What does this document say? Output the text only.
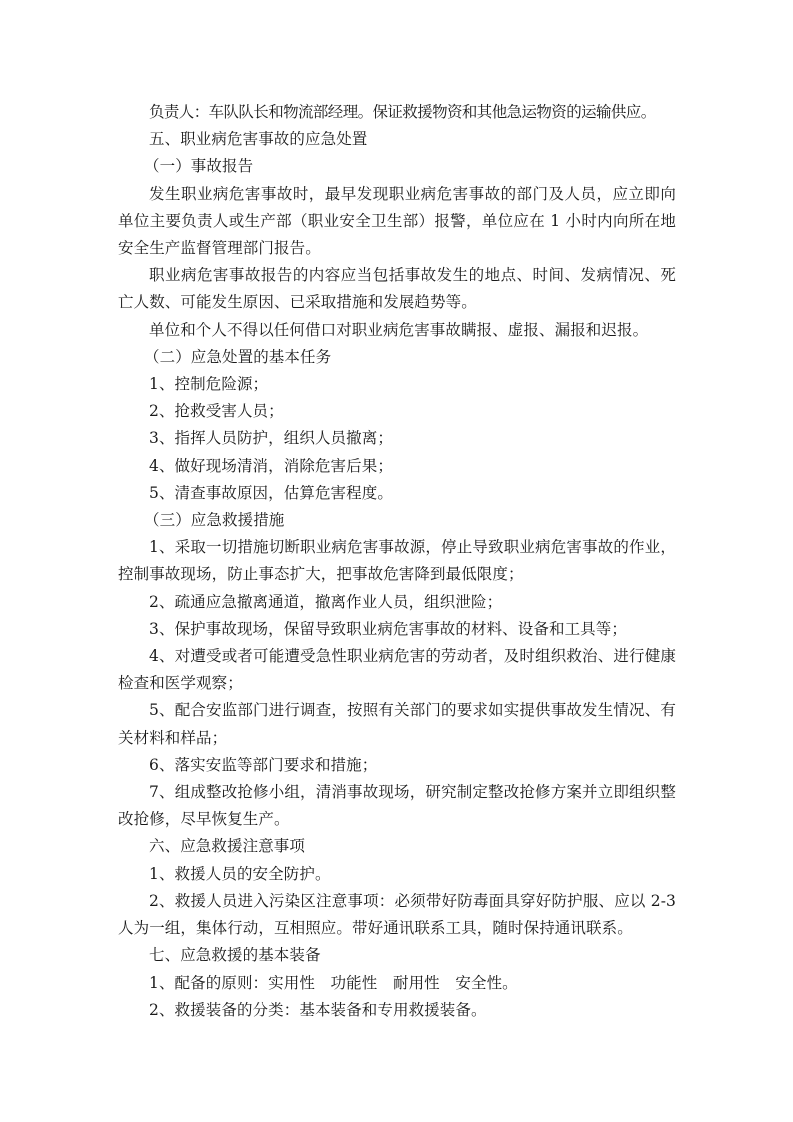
负责人：车队队长和物流部经理。保证救援物资和其他急运物资的运输供应。

五、职业病危害事故的应急处置

（一）事故报告

发生职业病危害事故时，最早发现职业病危害事故的部门及人员，应立即向单位主要负责人或生产部（职业安全卫生部）报警，单位应在 1 小时内向所在地安全生产监督管理部门报告。

职业病危害事故报告的内容应当包括事故发生的地点、时间、发病情况、死亡人数、可能发生原因、已采取措施和发展趋势等。

单位和个人不得以任何借口对职业病危害事故瞒报、虚报、漏报和迟报。

（二）应急处置的基本任务

1、控制危险源；

2、抢救受害人员；

3、指挥人员防护，组织人员撤离；

4、做好现场清消，消除危害后果；

5、清查事故原因，估算危害程度。

（三）应急救援措施

1、采取一切措施切断职业病危害事故源，停止导致职业病危害事故的作业，控制事故现场，防止事态扩大，把事故危害降到最低限度；

2、疏通应急撤离通道，撤离作业人员，组织泄险；

3、保护事故现场，保留导致职业病危害事故的材料、设备和工具等；

4、对遭受或者可能遭受急性职业病危害的劳动者，及时组织救治、进行健康检查和医学观察；

5、配合安监部门进行调查，按照有关部门的要求如实提供事故发生情况、有关材料和样品；

6、落实安监等部门要求和措施；

7、组成整改抢修小组，清消事故现场，研究制定整改抢修方案并立即组织整改抢修，尽早恢复生产。

六、应急救援注意事项

1、救援人员的安全防护。

2、救援人员进入污染区注意事项：必须带好防毒面具穿好防护服、应以 2-3 人为一组，集体行动，互相照应。带好通讯联系工具，随时保持通讯联系。

七、应急救援的基本装备

1、配备的原则：实用性　功能性　耐用性　安全性。

2、救援装备的分类：基本装备和专用救援装备。
